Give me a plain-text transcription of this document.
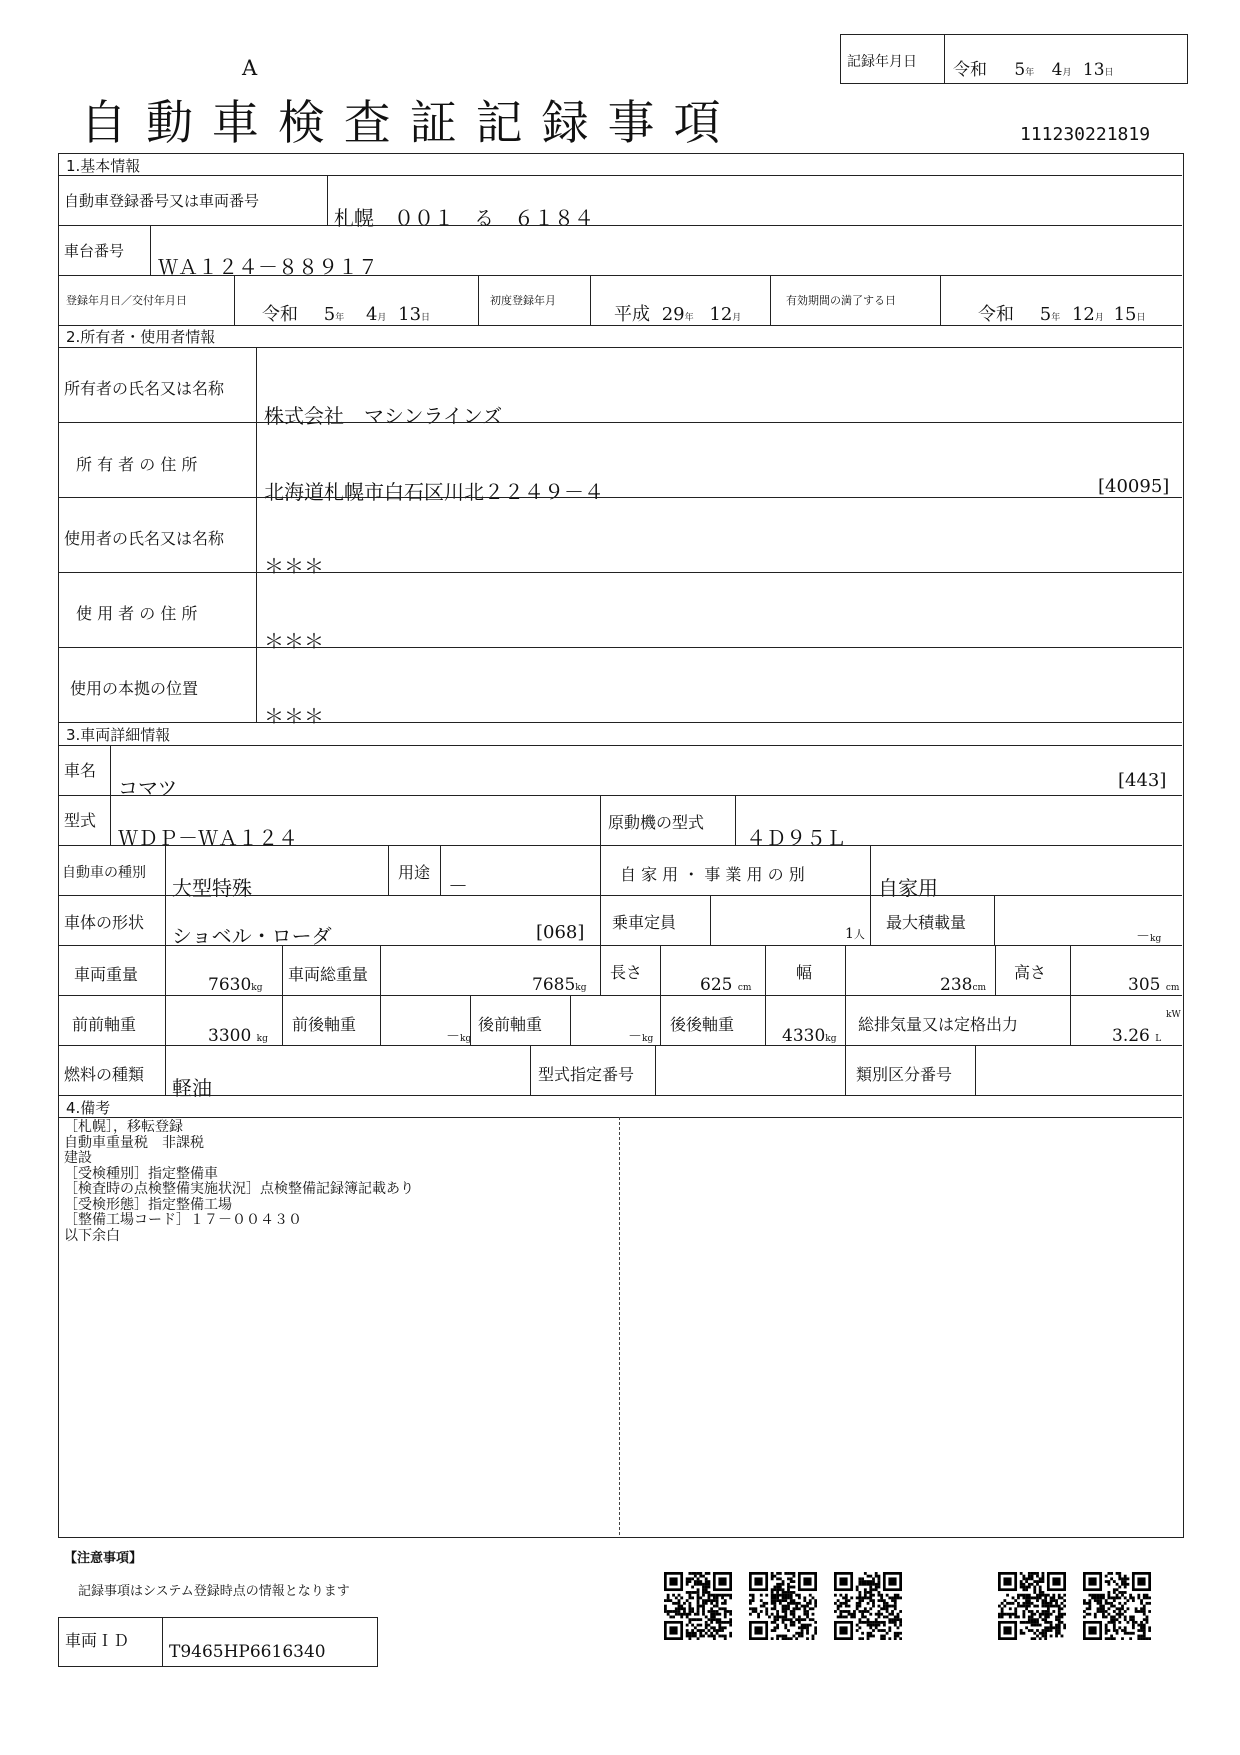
A
自 動 車 検 査 証 記 録 事 項	111230221819
記録年月日 令和 5年 4月 13日
1.基本情報
自動車登録番号又は車両番号
札幌　００１　る　６１８４
車台番号
ＷＡ１２４－８８９１７
登録年月日／交付年月日
令和 5年 4月 13日
初度登録年月
平成 29年 12月
有効期間の満了する日
令和 5年 12月 15日
2.所有者・使用者情報
所有者の氏名又は名称
株式会社　マシンラインズ
所 有 者 の 住 所
北海道札幌市白石区川北２２４９－４	[40095]
使用者の氏名又は名称
＊＊＊
使 用 者 の 住 所
＊＊＊
使用の本拠の位置
＊＊＊
3.車両詳細情報
車名
コマツ	[443]
型式
ＷＤＰ－ＷＡ１２４
原動機の型式
４Ｄ９５Ｌ
自動車の種別
大型特殊
用途
－	自 家 用 ・ 事 業 用 の 別
自家用
車体の形状
ショベル・ローダ	[068] 乗車定員
1人
最大積載量
－kg
車両重量
7630kg
車両総重量
7685kg
長さ
625 cm
幅
238cm
高さ
305 cm
前前軸重
3300 kg
前後軸重
－kg
後前軸重
－kg
後後軸重
4330kg
総排気量又は定格出力
3.26 L
kW
燃料の種類
軽油
型式指定番号	類別区分番号
4.備考
［札幌］，移転登録
自動車重量税　非課税
建設
［受検種別］指定整備車
［検査時の点検整備実施状況］点検整備記録簿記載あり
［受検形態］指定整備工場
［整備工場コード］１７－００４３０
以下余白
【注意事項】
記録事項はシステム登録時点の情報となります
車両ＩＤ
T9465HP6616340
